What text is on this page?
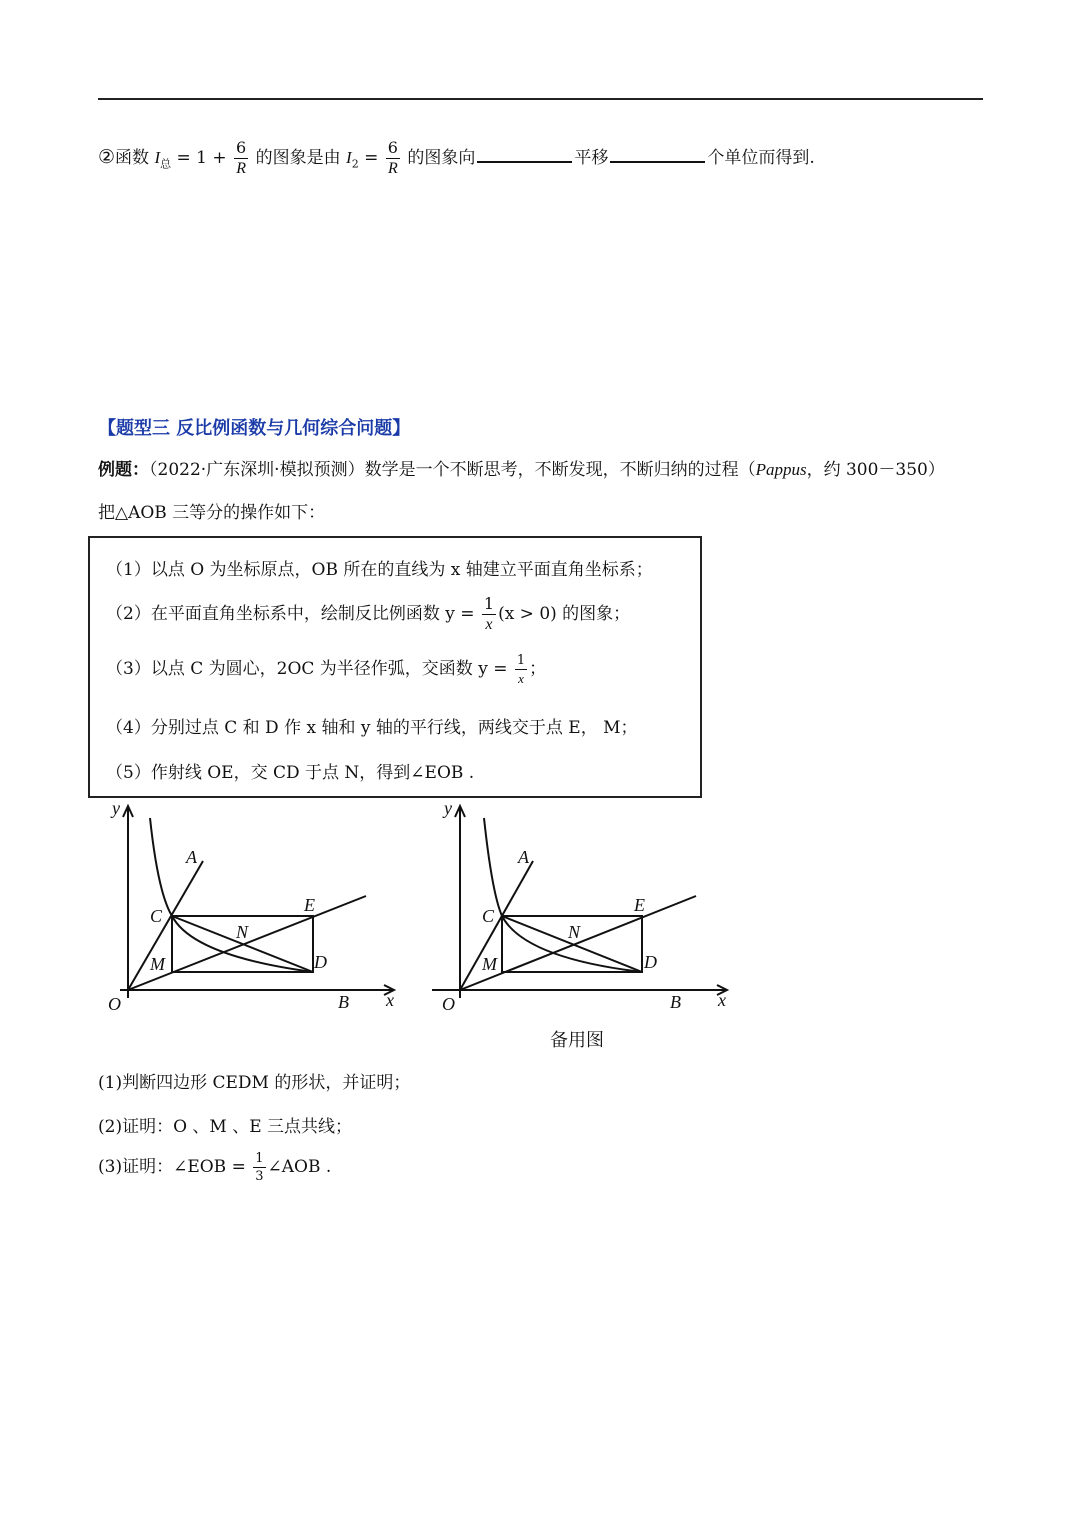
②函数 $I_总 = 1 + \frac{6}{R}$ 的图象是由 $I_2 = \frac{6}{R}$ 的图象向	平移	个单位而得到.
【题型三 反比例函数与几何综合问题】
例题：（2022·广东深圳·模拟预测）数学是一个不断思考，不断发现，不断归纳的过程（Pappus，约 300－350）
把△AOB 三等分的操作如下：
（1）以点 O 为坐标原点，OB 所在的直线为 x 轴建立平面直角坐标系；
（2）在平面直角坐标系中，绘制反比例函数 $y = \frac{1}{x} (x > 0)$ 的图象；
（3）以点 C 为圆心，2OC 为半径作弧，交函数 $y = \frac{1}{x}$ ；
（4）分别过点 C 和 D 作 x 轴和 y 轴的平行线，两线交于点 E， M；
（5）作射线 OE，交 CD 于点 N，得到∠EOB .
y
A
C
E
N
M	D
O	B x
y
A
C
E
N
M	D
O	B x
备用图
(1)判断四边形 CEDM 的形状，并证明；
(2)证明：O 、M 、E 三点共线；
(3)证明：∠EOB = $\frac{1}{3}$ ∠AOB .
